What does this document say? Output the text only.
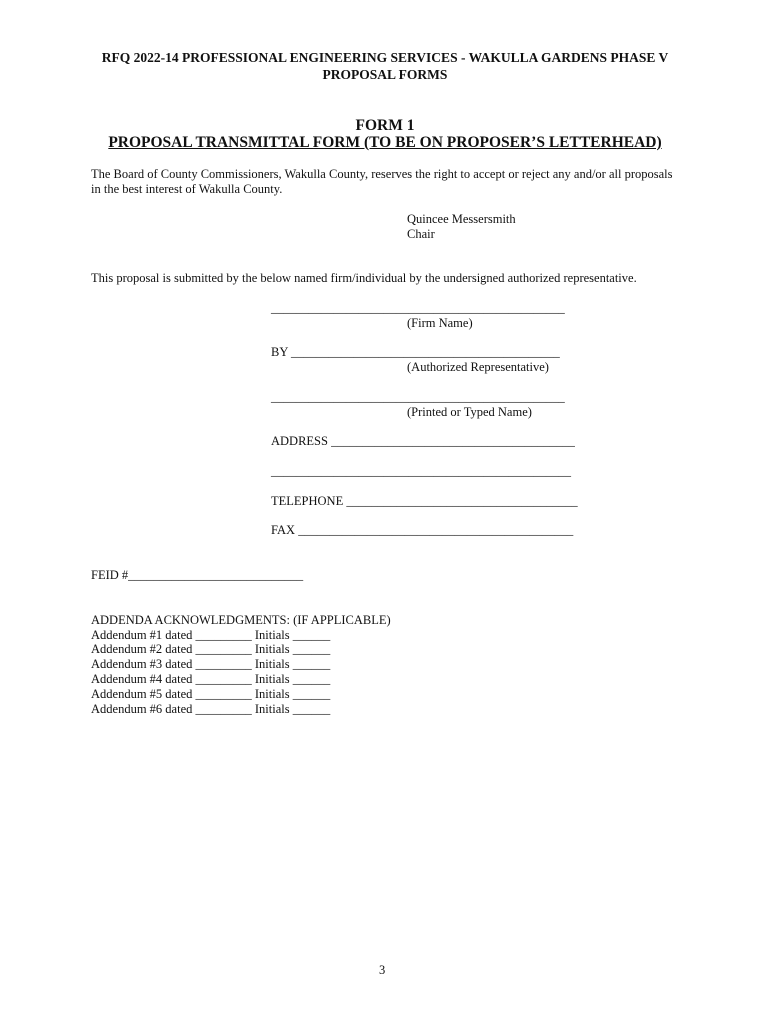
RFQ 2022-14 PROFESSIONAL ENGINEERING SERVICES - WAKULLA GARDENS PHASE V
PROPOSAL FORMS
FORM 1
PROPOSAL TRANSMITTAL FORM (TO BE ON PROPOSER’S LETTERHEAD)
The Board of County Commissioners, Wakulla County, reserves the right to accept or reject any and/or all proposals
in the best interest of Wakulla County.
Quincee Messersmith
Chair
This proposal is submitted by the below named firm/individual by the undersigned authorized representative.
_______________________________________________
(Firm Name)
BY ___________________________________________
(Authorized Representative)
_______________________________________________
(Printed or Typed Name)
ADDRESS _______________________________________
________________________________________________
TELEPHONE _____________________________________
FAX ____________________________________________
FEID #____________________________
ADDENDA ACKNOWLEDGMENTS: (IF APPLICABLE)
Addendum #1 dated _________ Initials ______
Addendum #2 dated _________ Initials ______
Addendum #3 dated _________ Initials ______
Addendum #4 dated _________ Initials ______
Addendum #5 dated _________ Initials ______
Addendum #6 dated _________ Initials ______
3
